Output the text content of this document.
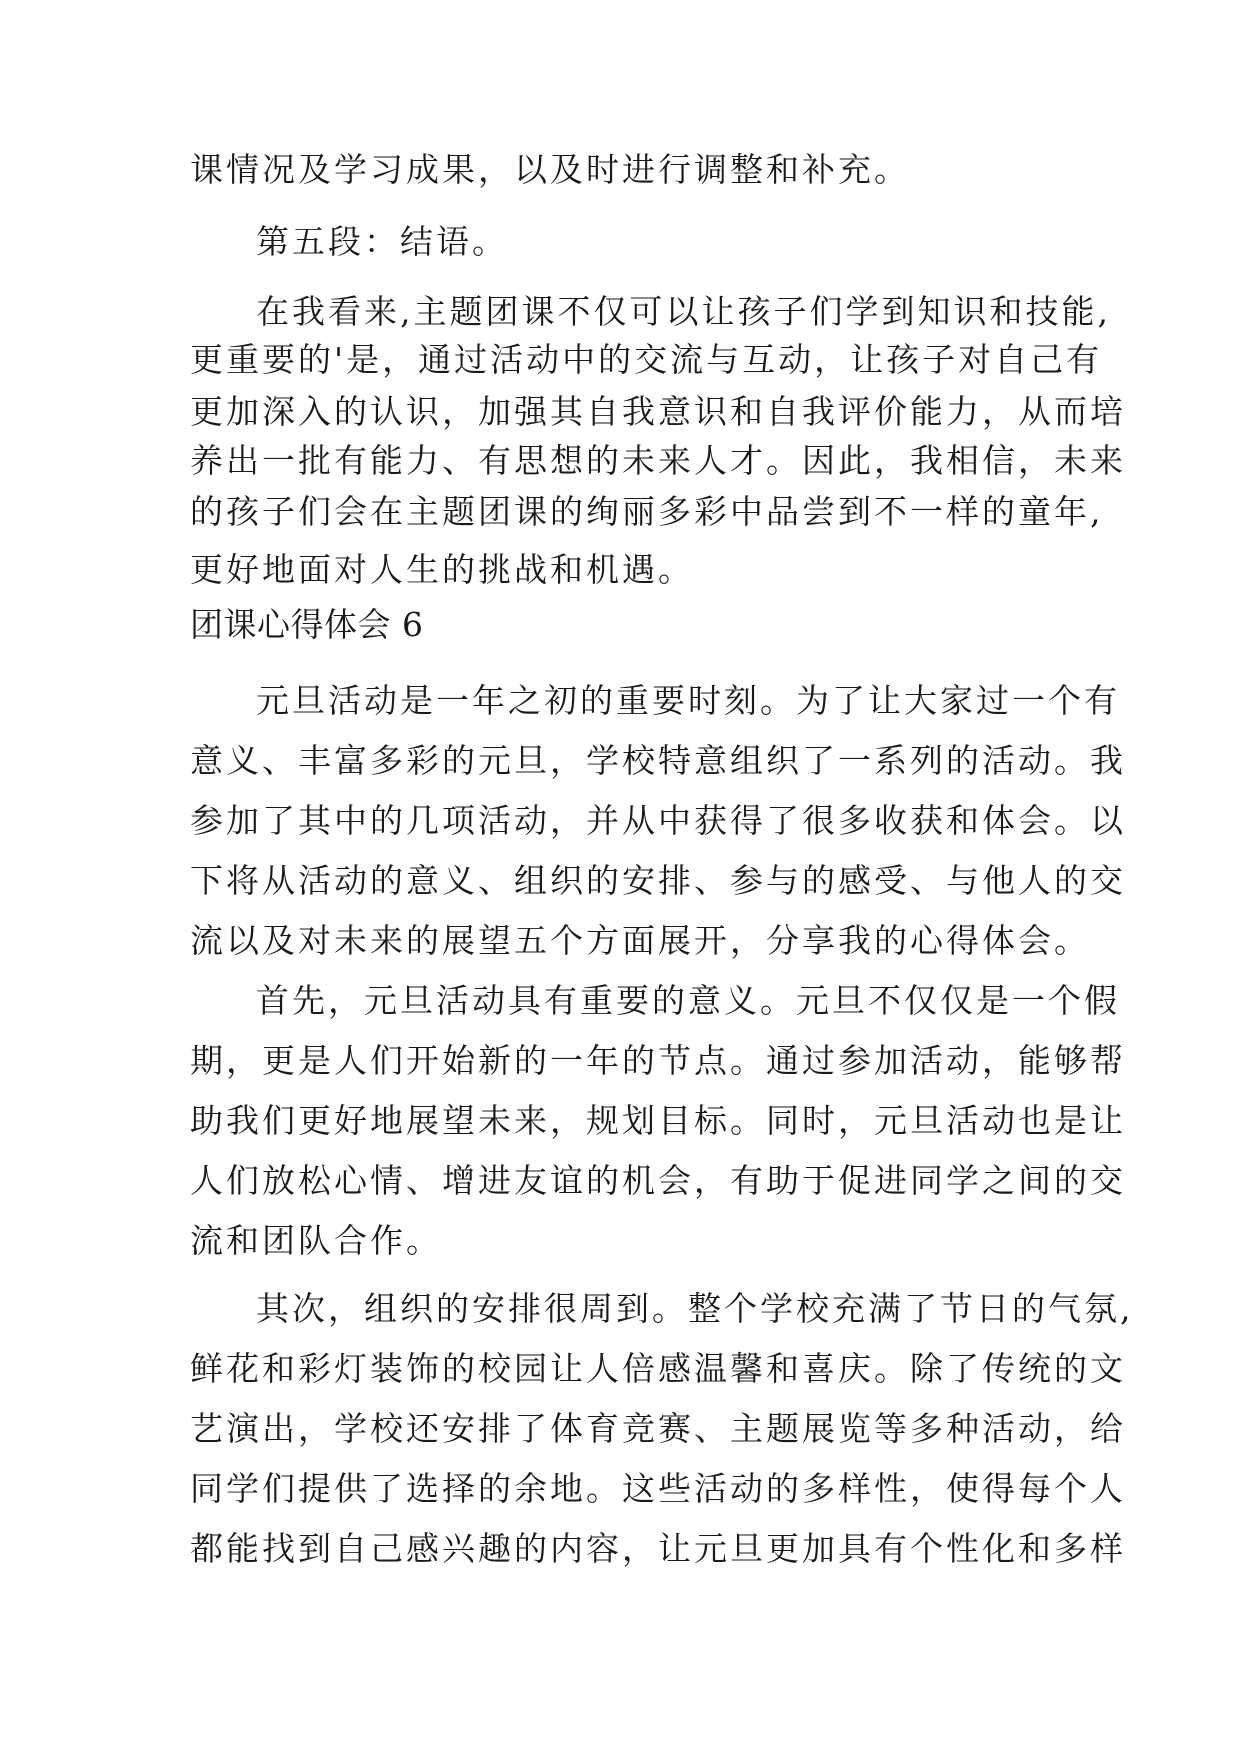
课情况及学习成果，以及时进行调整和补充。
第五段：结语。
在我看来,主题团课不仅可以让孩子们学到知识和技能,
更重要的'是，通过活动中的交流与互动，让孩子对自己有
更加深入的认识，加强其自我意识和自我评价能力，从而培
养出一批有能力、有思想的未来人才。因此，我相信，未来
的孩子们会在主题团课的绚丽多彩中品尝到不一样的童年,
更好地面对人生的挑战和机遇。
团课心得体会 6
元旦活动是一年之初的重要时刻。为了让大家过一个有
意义、丰富多彩的元旦，学校特意组织了一系列的活动。我
参加了其中的几项活动，并从中获得了很多收获和体会。以
下将从活动的意义、组织的安排、参与的感受、与他人的交
流以及对未来的展望五个方面展开，分享我的心得体会。
首先，元旦活动具有重要的意义。元旦不仅仅是一个假
期，更是人们开始新的一年的节点。通过参加活动，能够帮
助我们更好地展望未来，规划目标。同时，元旦活动也是让
人们放松心情、增进友谊的机会，有助于促进同学之间的交
流和团队合作。
其次，组织的安排很周到。整个学校充满了节日的气氛,
鲜花和彩灯装饰的校园让人倍感温馨和喜庆。除了传统的文
艺演出，学校还安排了体育竞赛、主题展览等多种活动，给
同学们提供了选择的余地。这些活动的多样性，使得每个人
都能找到自己感兴趣的内容，让元旦更加具有个性化和多样
